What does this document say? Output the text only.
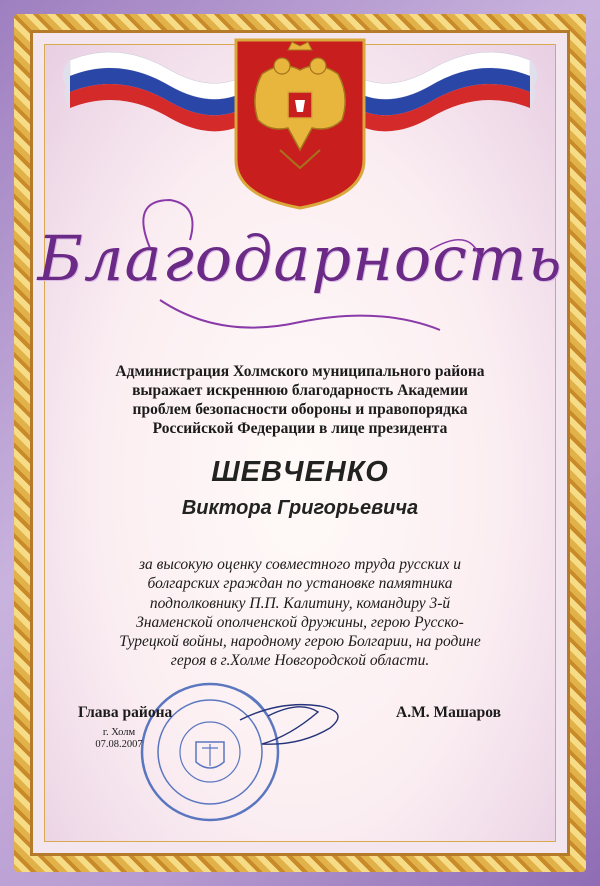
Благодарность

Администрация Холмского муниципального района
выражает искреннюю благодарность Академии
проблем безопасности обороны и правопорядка
Российской Федерации в лице президента

ШЕВЧЕНКО
Виктора Григорьевича

за высокую оценку совместного труда русских и
болгарских граждан по установке памятника
подполковнику П.П. Калитину, командиру 3-й
Знаменской ополченской дружины, герою Русско-
Турецкой войны, народному герою Болгарии, на родине
героя в г.Холме Новгородской области.

Глава района
г. Холм
07.08.2007
А.М. Машаров
